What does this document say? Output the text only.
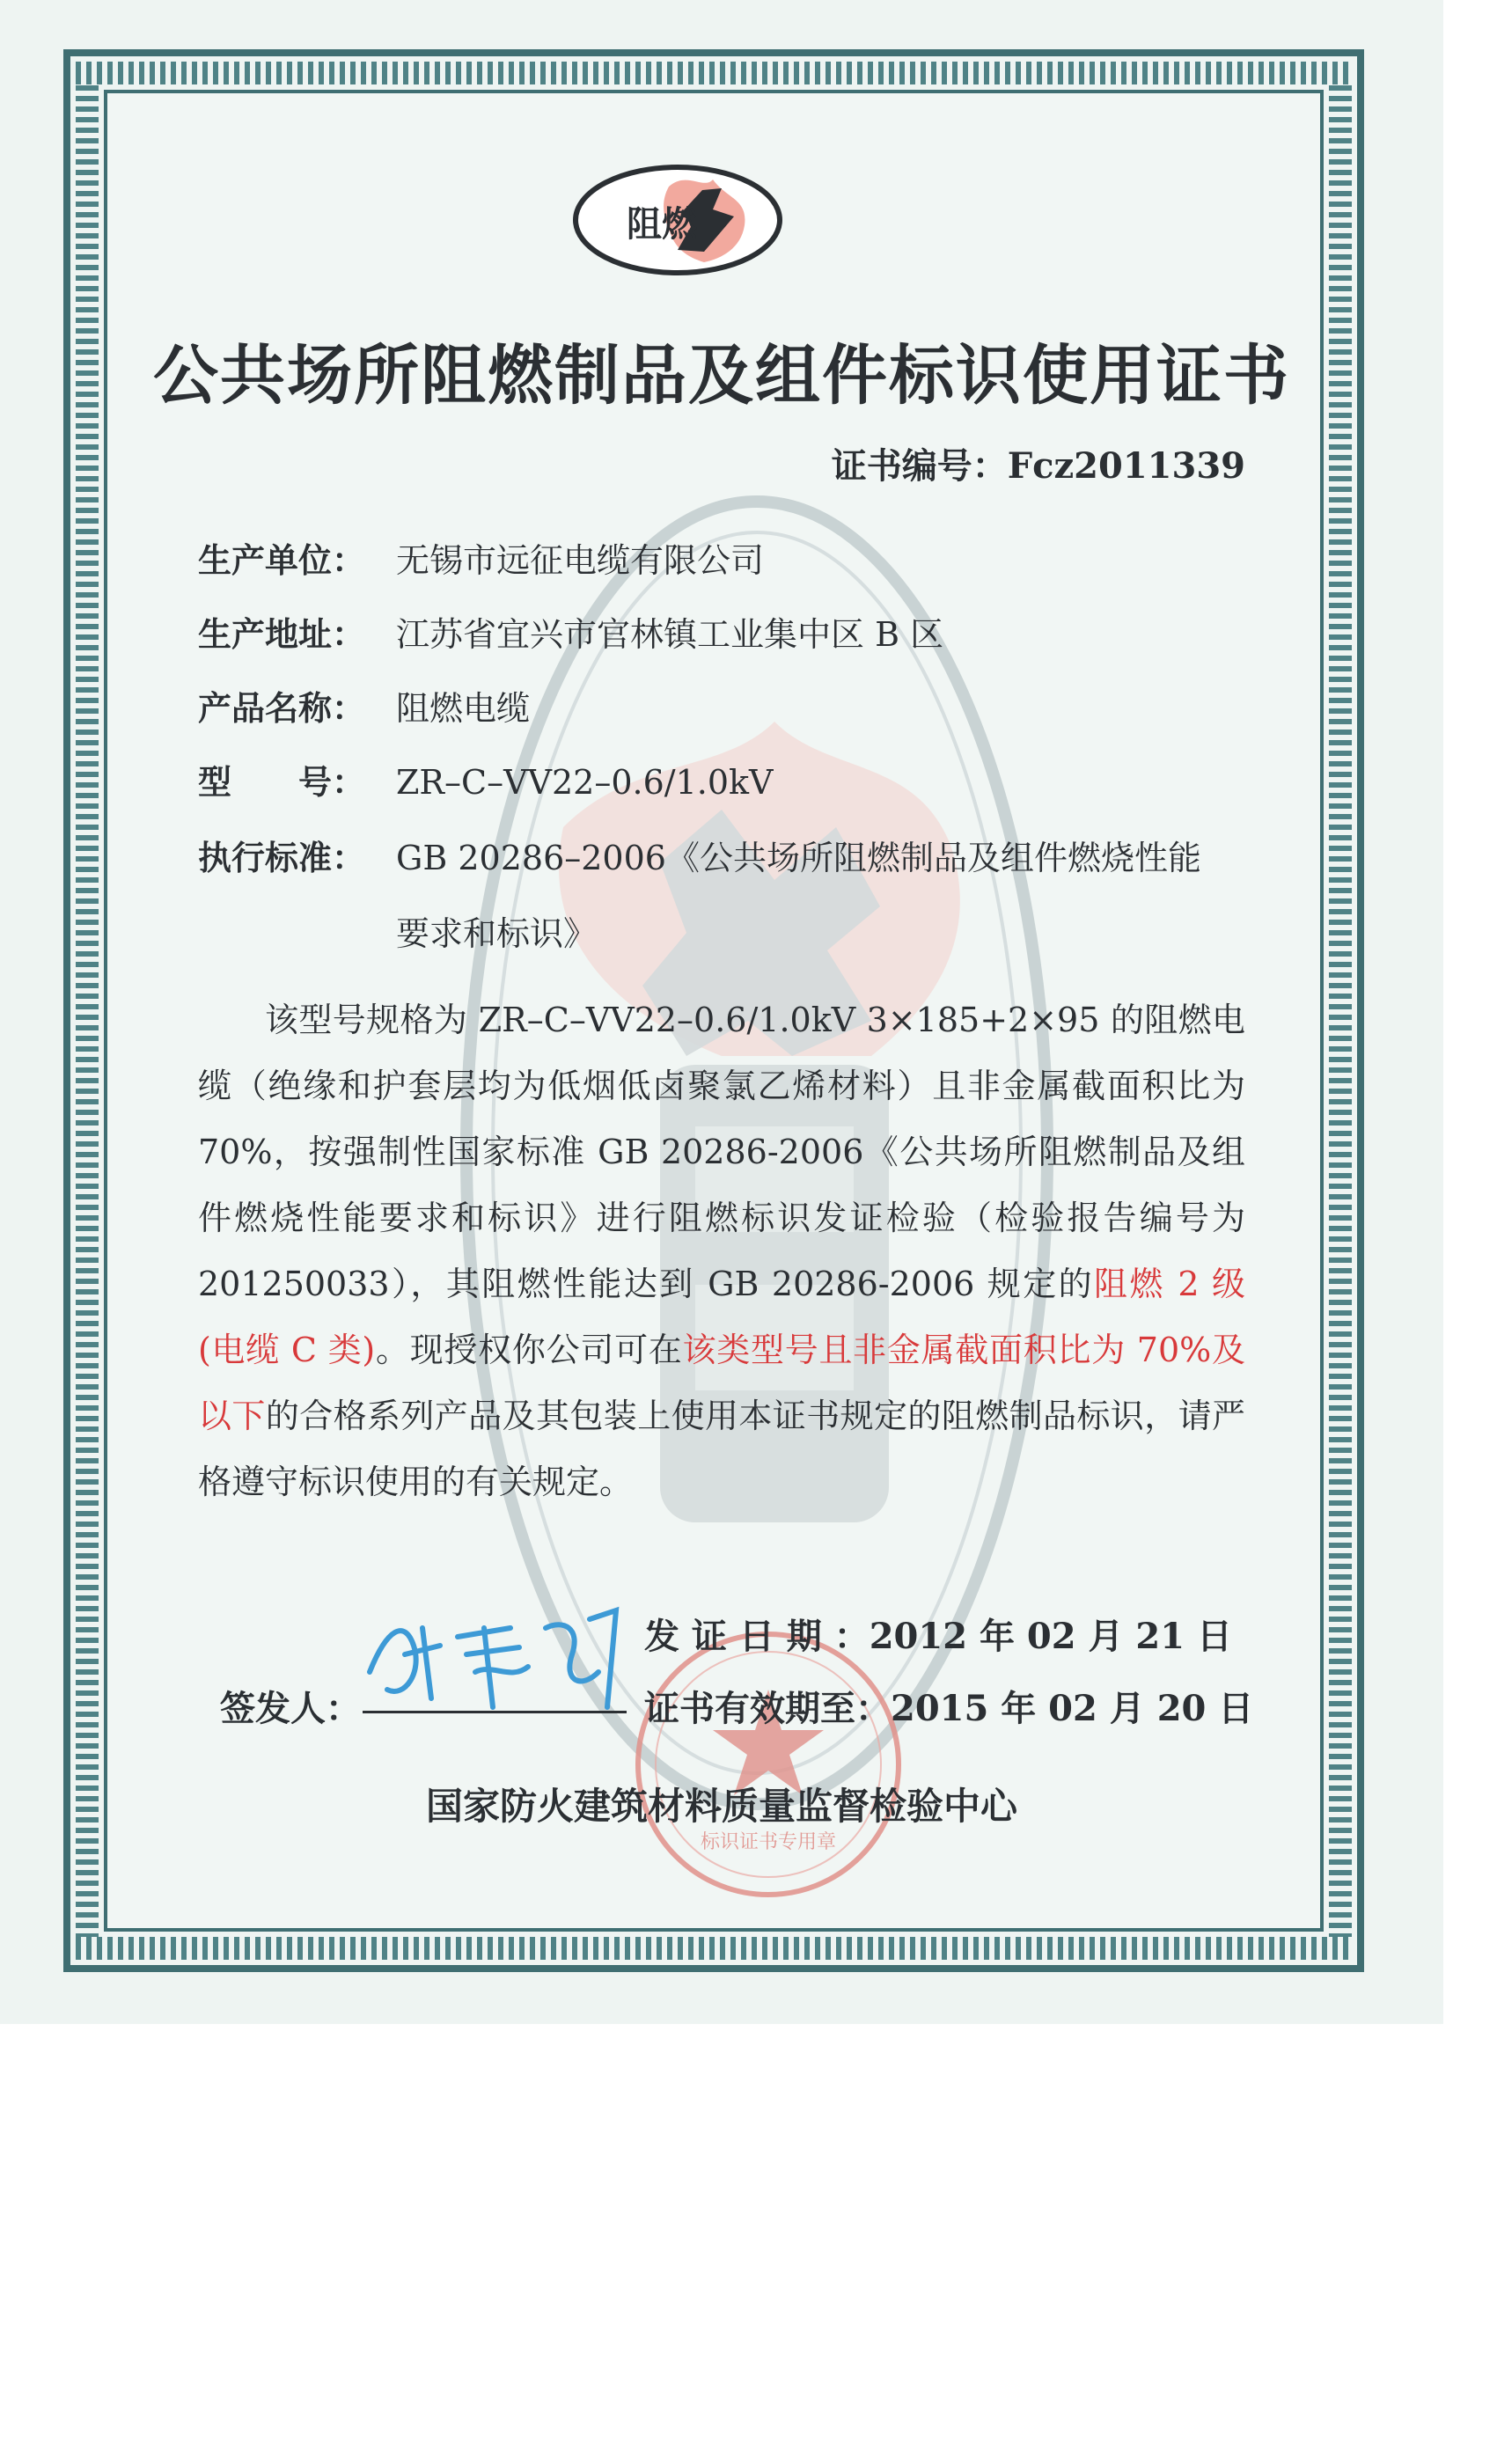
阻燃
公共场所阻燃制品及组件标识使用证书
证书编号：Fcz2011339
生产单位： 无锡市远征电缆有限公司
生产地址： 江苏省宜兴市官林镇工业集中区 B 区
产品名称： 阻燃电缆
型　　号： ZR–C–VV22–0.6/1.0kV
执行标准： GB 20286–2006《公共场所阻燃制品及组件燃烧性能
要求和标识》
该型号规格为 ZR–C–VV22–0.6/1.0kV 3×185+2×95 的阻燃电缆（绝缘和护套层均为低烟低卤聚氯乙烯材料）且非金属截面积比为 70%，按强制性国家标准 GB 20286-2006《公共场所阻燃制品及组件燃烧性能要求和标识》进行阻燃标识发证检验（检验报告编号为 201250033），其阻燃性能达到 GB 20286-2006 规定的阻燃 2 级(电缆 C 类)。现授权你公司可在该类型号且非金属截面积比为 70%及以下的合格系列产品及其包装上使用本证书规定的阻燃制品标识，请严格遵守标识使用的有关规定。
标识证书专用章
发 证 日 期 ：2012 年 02 月 21 日
签发人：	证书有效期至：2015 年 02 月 20 日
国家防火建筑材料质量监督检验中心
